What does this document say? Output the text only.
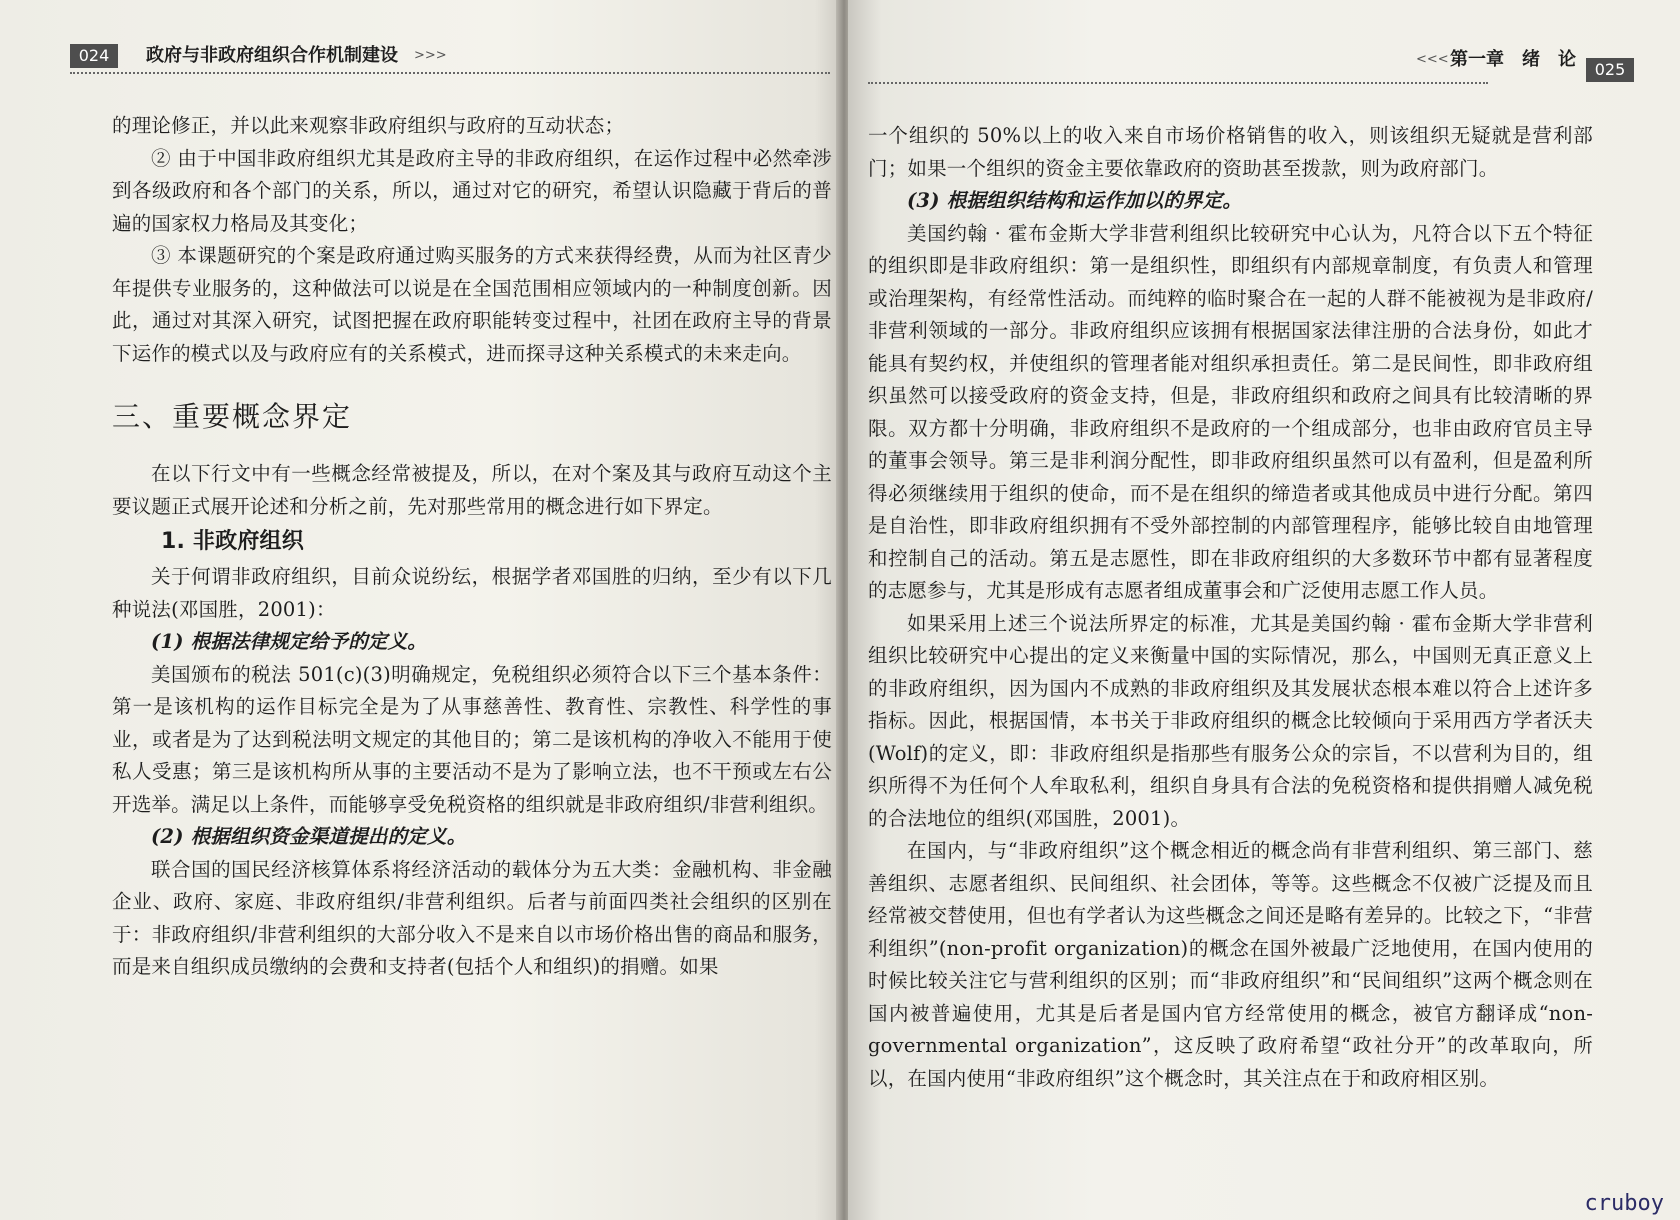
024	政府与非政府组织合作机制建设 >>>

的理论修正，并以此来观察非政府组织与政府的互动状态；

② 由于中国非政府组织尤其是政府主导的非政府组织，在运作过程中必然牵涉到各级政府和各个部门的关系，所以，通过对它的研究，希望认识隐藏于背后的普遍的国家权力格局及其变化；

③ 本课题研究的个案是政府通过购买服务的方式来获得经费，从而为社区青少年提供专业服务的，这种做法可以说是在全国范围相应领域内的一种制度创新。因此，通过对其深入研究，试图把握在政府职能转变过程中，社团在政府主导的背景下运作的模式以及与政府应有的关系模式，进而探寻这种关系模式的未来走向。

三、重要概念界定

在以下行文中有一些概念经常被提及，所以，在对个案及其与政府互动这个主要议题正式展开论述和分析之前，先对那些常用的概念进行如下界定。

1. 非政府组织

关于何谓非政府组织，目前众说纷纭，根据学者邓国胜的归纳，至少有以下几种说法(邓国胜，2001)：

(1) 根据法律规定给予的定义。

美国颁布的税法 501(c)(3)明确规定，免税组织必须符合以下三个基本条件：第一是该机构的运作目标完全是为了从事慈善性、教育性、宗教性、科学性的事业，或者是为了达到税法明文规定的其他目的；第二是该机构的净收入不能用于使私人受惠；第三是该机构所从事的主要活动不是为了影响立法，也不干预或左右公开选举。满足以上条件，而能够享受免税资格的组织就是非政府组织/非营利组织。

(2) 根据组织资金渠道提出的定义。

联合国的国民经济核算体系将经济活动的载体分为五大类：金融机构、非金融企业、政府、家庭、非政府组织/非营利组织。后者与前面四类社会组织的区别在于：非政府组织/非营利组织的大部分收入不是来自以市场价格出售的商品和服务，而是来自组织成员缴纳的会费和支持者(包括个人和组织)的捐赠。如果

<<< 第一章　绪　论	025

一个组织的 50%以上的收入来自市场价格销售的收入，则该组织无疑就是营利部门；如果一个组织的资金主要依靠政府的资助甚至拨款，则为政府部门。

(3) 根据组织结构和运作加以的界定。

美国约翰 · 霍布金斯大学非营利组织比较研究中心认为，凡符合以下五个特征的组织即是非政府组织：第一是组织性，即组织有内部规章制度，有负责人和管理或治理架构，有经常性活动。而纯粹的临时聚合在一起的人群不能被视为是非政府/非营利领域的一部分。非政府组织应该拥有根据国家法律注册的合法身份，如此才能具有契约权，并使组织的管理者能对组织承担责任。第二是民间性，即非政府组织虽然可以接受政府的资金支持，但是，非政府组织和政府之间具有比较清晰的界限。双方都十分明确，非政府组织不是政府的一个组成部分，也非由政府官员主导的董事会领导。第三是非利润分配性，即非政府组织虽然可以有盈利，但是盈利所得必须继续用于组织的使命，而不是在组织的缔造者或其他成员中进行分配。第四是自治性，即非政府组织拥有不受外部控制的内部管理程序，能够比较自由地管理和控制自己的活动。第五是志愿性，即在非政府组织的大多数环节中都有显著程度的志愿参与，尤其是形成有志愿者组成董事会和广泛使用志愿工作人员。

如果采用上述三个说法所界定的标准，尤其是美国约翰 · 霍布金斯大学非营利组织比较研究中心提出的定义来衡量中国的实际情况，那么，中国则无真正意义上的非政府组织，因为国内不成熟的非政府组织及其发展状态根本难以符合上述许多指标。因此，根据国情，本书关于非政府组织的概念比较倾向于采用西方学者沃夫(Wolf)的定义，即：非政府组织是指那些有服务公众的宗旨，不以营利为目的，组织所得不为任何个人牟取私利，组织自身具有合法的免税资格和提供捐赠人减免税的合法地位的组织(邓国胜，2001)。

在国内，与“非政府组织”这个概念相近的概念尚有非营利组织、第三部门、慈善组织、志愿者组织、民间组织、社会团体，等等。这些概念不仅被广泛提及而且经常被交替使用，但也有学者认为这些概念之间还是略有差异的。比较之下，“非营利组织”(non-profit organization)的概念在国外被最广泛地使用，在国内使用的时候比较关注它与营利组织的区别；而“非政府组织”和“民间组织”这两个概念则在国内被普遍使用，尤其是后者是国内官方经常使用的概念，被官方翻译成“non-governmental organization”，这反映了政府希望“政社分开”的改革取向，所以，在国内使用“非政府组织”这个概念时，其关注点在于和政府相区别。

cruboy
